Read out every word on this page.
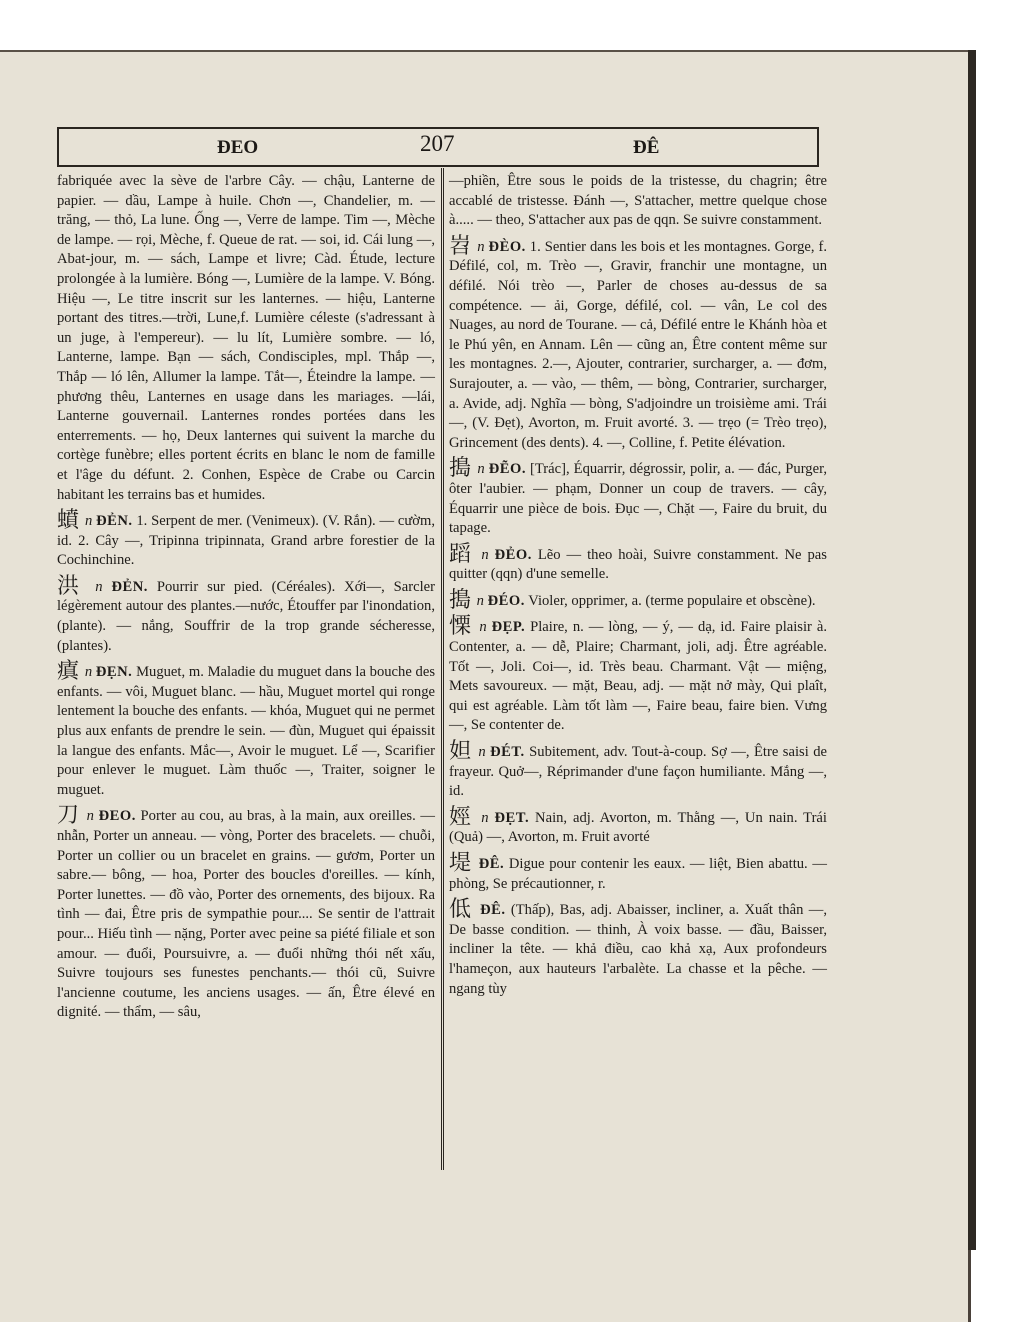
ĐEO	207	ĐÊ
fabriquée avec la sève de l'arbre Cây. — chậu, Lanterne de papier. — dầu, Lampe à huile. Chơn —, Chandelier, m. — trăng, — thỏ, La lune. Ống —, Verre de lampe. Tim —, Mèche de lampe. — rọi, Mèche, f. Queue de rat. — soi, id. Cái lung —, Abat-jour, m. — sách, Lampe et livre; Càd. Étude, lecture prolongée à la lumière. Bóng —, Lumière de la lampe. V. Bóng. Hiệu —, Le titre inscrit sur les lanternes. — hiệu, Lanterne portant des titres.—trời, Lune,f. Lumière céleste (s'adressant à un juge, à l'empereur). — lu lít, Lumière sombre. — ló, Lanterne, lampe. Bạn — sách, Condisciples, mpl. Thắp —, Thắp — ló lên, Allumer la lampe. Tắt—, Éteindre la lampe. —phương thêu, Lanternes en usage dans les mariages. —lái, Lanterne gouvernail. Lanternes rondes portées dans les enterrements. — họ, Deux lanternes qui suivent la marche du cortège funèbre; elles portent écrits en blanc le nom de famille et l'âge du défunt. 2. Conhen, Espèce de Crabe ou Carcin habitant les terrains bas et humides.
蟦 n ĐẺN. 1. Serpent de mer. (Venimeux). (V. Rắn). — cườm, id. 2. Cây —, Tripinna tripinnata, Grand arbre forestier de la Cochinchine.
洪 n ĐẺN. Pourrir sur pied. (Céréales). Xới—, Sarcler légèrement autour des plantes.—nước, Étouffer par l'inondation, (plante). — nắng, Souffrir de la trop grande sécheresse, (plantes).
瘨 n ĐẸN. Muguet, m. Maladie du muguet dans la bouche des enfants. — vôi, Muguet blanc. — hầu, Muguet mortel qui ronge lentement la bouche des enfants. — khóa, Muguet qui ne permet plus aux enfants de prendre le sein. — đùn, Muguet qui épaissit la langue des enfants. Mắc—, Avoir le muguet. Lể —, Scarifier pour enlever le muguet. Làm thuốc —, Traiter, soigner le muguet.
刀 n ĐEO. Porter au cou, au bras, à la main, aux oreilles. — nhẫn, Porter un anneau. — vòng, Porter des bracelets. — chuỗi, Porter un collier ou un bracelet en grains. — gươm, Porter un sabre.— bông, — hoa, Porter des boucles d'oreilles. — kính, Porter lunettes. — đồ vào, Porter des ornements, des bijoux. Ra tình — đai, Être pris de sympathie pour.... Se sentir de l'attrait pour... Hiếu tình — nặng, Porter avec peine sa piété filiale et son amour. — đuổi, Poursuivre, a. — đuổi những thói nết xấu, Suivre toujours ses funestes penchants.— thói cũ, Suivre l'ancienne coutume, les anciens usages. — ấn, Être élevé en dignité. — thẩm, — sâu,
—phiền, Être sous le poids de la tristesse, du chagrin; être accablé de tristesse. Đánh —, S'attacher, mettre quelque chose à..... — theo, S'attacher aux pas de qqn. Se suivre constamment.
岧 n ĐÈO. 1. Sentier dans les bois et les montagnes. Gorge, f. Défilé, col, m. Trèo —, Gravir, franchir une montagne, un défilé. Nói trèo —, Parler de choses au-dessus de sa compétence. — ải, Gorge, défilé, col. — vân, Le col des Nuages, au nord de Tourane. — cả, Défilé entre le Khánh hòa et le Phú yên, en Annam. Lên — cũng an, Être content même sur les montagnes. 2.—, Ajouter, contrarier, surcharger, a. — đơm, Surajouter, a. — vào, — thêm, — bòng, Contrarier, surcharger, a. Avide, adj. Nghĩa — bòng, S'adjoindre un troisième ami. Trái —, (V. Đẹt), Avorton, m. Fruit avorté. 3. — trẹo (= Trèo trẹo), Grincement (des dents). 4. —, Colline, f. Petite élévation.
搗 n ĐẼO. [Trác], Équarrir, dégrossir, polir, a. — đác, Purger, ôter l'aubier. — phạm, Donner un coup de travers. — cây, Équarrir une pièce de bois. Đục —, Chặt —, Faire du bruit, du tapage.
蹈 n ĐẺO. Lẽo — theo hoài, Suivre constamment. Ne pas quitter (qqn) d'une semelle.
搗 n ĐÉO. Violer, opprimer, a. (terme populaire et obscène).
慄 n ĐẸP. Plaire, n. — lòng, — ý, — dạ, id. Faire plaisir à. Contenter, a. — dễ, Plaire; Charmant, joli, adj. Être agréable. Tốt —, Joli. Coi—, id. Très beau. Charmant. Vật — miệng, Mets savoureux. — mặt, Beau, adj. — mặt nở mày, Qui plaît, qui est agréable. Làm tốt làm —, Faire beau, faire bien. Vưng —, Se contenter de.
妲 n ĐÉT. Subitement, adv. Tout-à-coup. Sợ —, Être saisi de frayeur. Quở—, Réprimander d'une façon humiliante. Mắng —, id.
娙 n ĐẸT. Nain, adj. Avorton, m. Thằng —, Un nain. Trái (Quả) —, Avorton, m. Fruit avorté
堤 ĐÊ. Digue pour contenir les eaux. — liệt, Bien abattu. — phòng, Se précautionner, r.
低 ĐÊ. (Thấp), Bas, adj. Abaisser, incliner, a. Xuất thân —, De basse condition. — thinh, À voix basse. — đầu, Baisser, incliner la tête. — khả điều, cao khả xạ, Aux profondeurs l'hameçon, aux hauteurs l'arbalète. La chasse et la pêche. — ngang tùy
